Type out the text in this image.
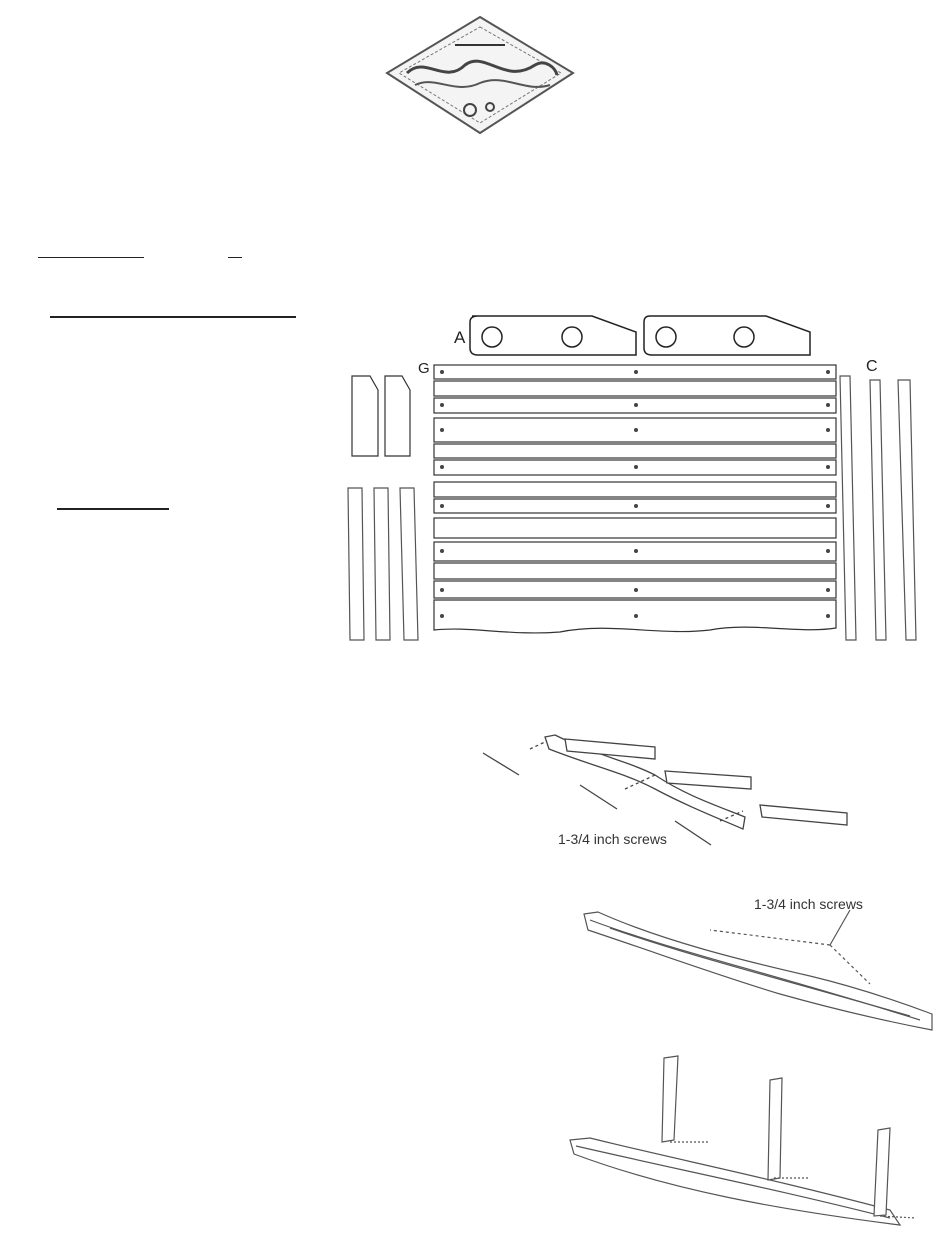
A
G	C
1-3/4 inch screws
1-3/4 inch screws
